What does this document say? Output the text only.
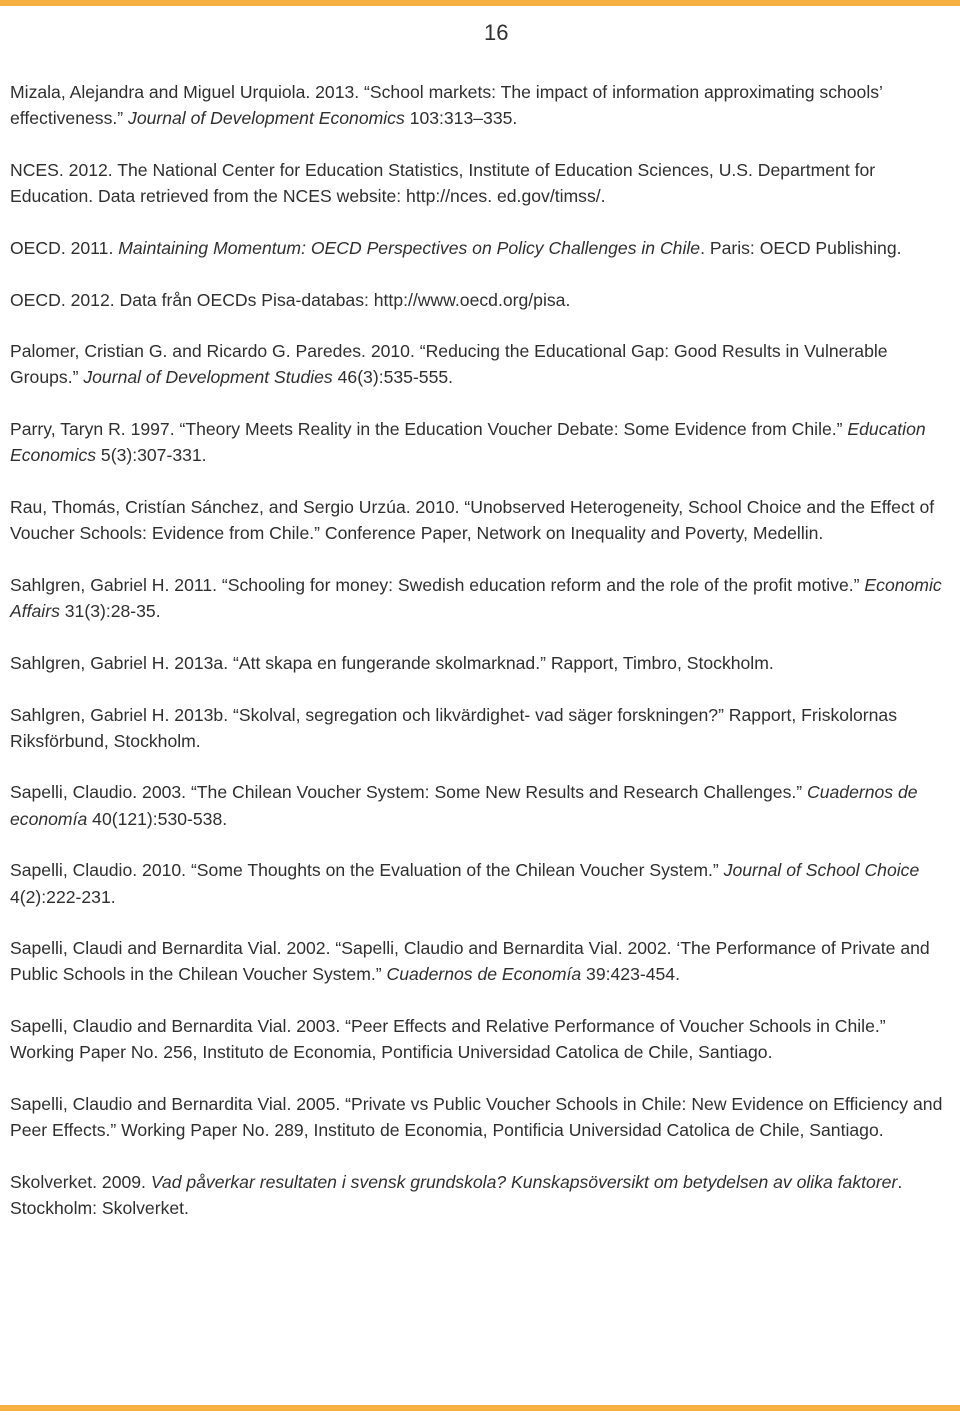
16

Mizala, Alejandra and Miguel Urquiola. 2013. “School markets: The impact of information approximating schools’ effectiveness.” Journal of Development Economics 103:313–335.

NCES. 2012. The National Center for Education Statistics, Institute of Education Sciences, U.S. Department for Education. Data retrieved from the NCES website: http://nces. ed.gov/timss/.

OECD. 2011. Maintaining Momentum: OECD Perspectives on Policy Challenges in Chile. Paris: OECD Publishing.

OECD. 2012. Data från OECDs Pisa-databas: http://www.oecd.org/pisa.

Palomer, Cristian G. and Ricardo G. Paredes. 2010. “Reducing the Educational Gap: Good Results in Vulnerable Groups.” Journal of Development Studies 46(3):535-555.

Parry, Taryn R. 1997. “Theory Meets Reality in the Education Voucher Debate: Some Evidence from Chile.” Education Economics 5(3):307-331.

Rau, Thomás, Cristían Sánchez, and Sergio Urzúa. 2010. “Unobserved Heterogeneity, School Choice and the Effect of Voucher Schools: Evidence from Chile.” Conference Paper, Network on Inequality and Poverty, Medellin.

Sahlgren, Gabriel H. 2011. “Schooling for money: Swedish education reform and the role of the profit motive.” Economic Affairs 31(3):28-35.

Sahlgren, Gabriel H. 2013a. “Att skapa en fungerande skolmarknad.” Rapport, Timbro, Stockholm.

Sahlgren, Gabriel H. 2013b. “Skolval, segregation och likvärdighet- vad säger forskningen?” Rapport, Friskolornas Riksförbund, Stockholm.

Sapelli, Claudio. 2003. “The Chilean Voucher System: Some New Results and Research Challenges.” Cuadernos de economía 40(121):530-538.

Sapelli, Claudio. 2010. “Some Thoughts on the Evaluation of the Chilean Voucher System.” Journal of School Choice 4(2):222-231.

Sapelli, Claudi and Bernardita Vial. 2002. “Sapelli, Claudio and Bernardita Vial. 2002. ‘The Performance of Private and Public Schools in the Chilean Voucher System.” Cuadernos de Economía 39:423-454.

Sapelli, Claudio and Bernardita Vial. 2003. “Peer Effects and Relative Performance of Voucher Schools in Chile.” Working Paper No. 256, Instituto de Economia, Pontificia Universidad Catolica de Chile, Santiago.

Sapelli, Claudio and Bernardita Vial. 2005. “Private vs Public Voucher Schools in Chile: New Evidence on Efficiency and Peer Effects.” Working Paper No. 289, Instituto de Economia, Pontificia Universidad Catolica de Chile, Santiago.

Skolverket. 2009. Vad påverkar resultaten i svensk grundskola? Kunskapsöversikt om betydelsen av olika faktorer. Stockholm: Skolverket.
